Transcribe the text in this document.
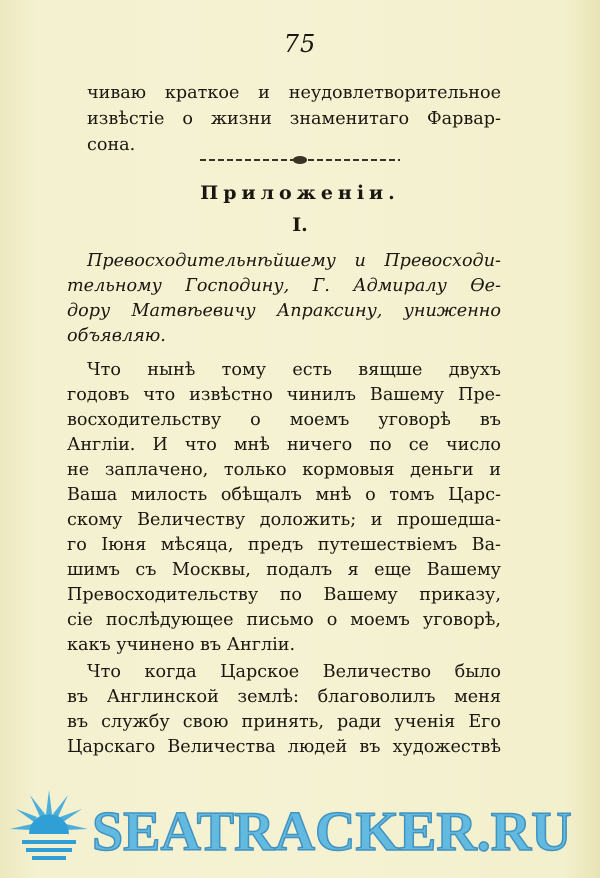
75
чиваю краткое и неудовлетворительное
извѣстіе о жизни знаменитаго Фарвар-
сона.
Приложеніи.
I.
Превосходительнѣйшему и Превосходи-
тельному Господину, Г. Адмиралу Ѳе-
дору Матвѣевичу Апраксину, униженно
объявляю.
Что нынѣ тому есть вящше двухъ
годовъ что извѣстно чинилъ Вашему Пре-
восходительству о моемъ уговорѣ въ
Англіи. И что мнѣ ничего по се число
не заплачено, только кормовыя деньги и
Ваша милость обѣщалъ мнѣ о томъ Царс-
скому Величеству доложить; и прошедша-
го Іюня мѣсяца, предъ путешествіемъ Ва-
шимъ съ Москвы, подалъ я еще Вашему
Превосходительству по Вашему приказу,
сіе послѣдующее письмо о моемъ уговорѣ,
какъ учинено въ Англіи.
Что когда Царское Величество было
въ Англинской землѣ: благоволилъ меня
въ службу свою принять, ради ученія Его
Царскаго Величества людей въ художествѣ
SEATRACKER.RU
